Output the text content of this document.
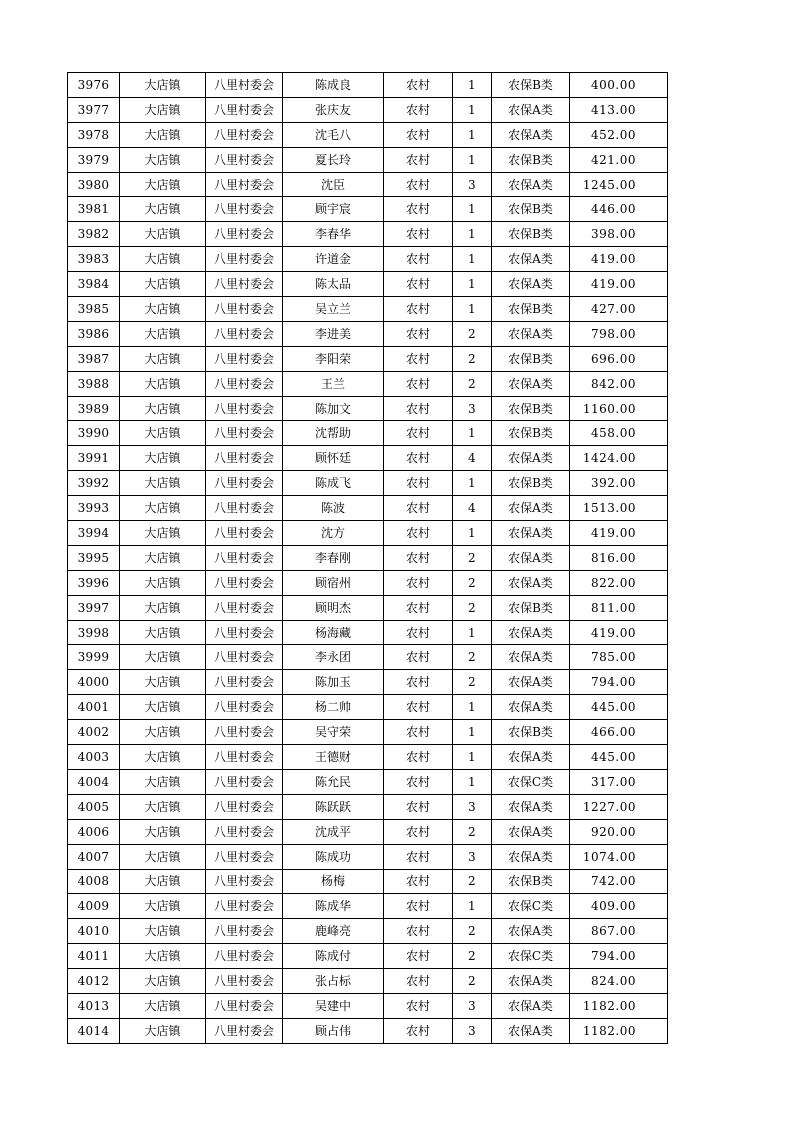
3976	大店镇	八里村委会	陈成良	农村	1	农保B类	400.00
3977	大店镇	八里村委会	张庆友	农村	1	农保A类	413.00
3978	大店镇	八里村委会	沈毛八	农村	1	农保A类	452.00
3979	大店镇	八里村委会	夏长玲	农村	1	农保B类	421.00
3980	大店镇	八里村委会	沈臣	农村	3	农保A类	1245.00
3981	大店镇	八里村委会	顾宇宸	农村	1	农保B类	446.00
3982	大店镇	八里村委会	李春华	农村	1	农保B类	398.00
3983	大店镇	八里村委会	许道金	农村	1	农保A类	419.00
3984	大店镇	八里村委会	陈太品	农村	1	农保A类	419.00
3985	大店镇	八里村委会	吴立兰	农村	1	农保B类	427.00
3986	大店镇	八里村委会	李进美	农村	2	农保A类	798.00
3987	大店镇	八里村委会	李阳荣	农村	2	农保B类	696.00
3988	大店镇	八里村委会	王兰	农村	2	农保A类	842.00
3989	大店镇	八里村委会	陈加文	农村	3	农保B类	1160.00
3990	大店镇	八里村委会	沈帮助	农村	1	农保B类	458.00
3991	大店镇	八里村委会	顾怀廷	农村	4	农保A类	1424.00
3992	大店镇	八里村委会	陈成飞	农村	1	农保B类	392.00
3993	大店镇	八里村委会	陈波	农村	4	农保A类	1513.00
3994	大店镇	八里村委会	沈方	农村	1	农保A类	419.00
3995	大店镇	八里村委会	李春刚	农村	2	农保A类	816.00
3996	大店镇	八里村委会	顾宿州	农村	2	农保A类	822.00
3997	大店镇	八里村委会	顾明杰	农村	2	农保B类	811.00
3998	大店镇	八里村委会	杨海藏	农村	1	农保A类	419.00
3999	大店镇	八里村委会	李永团	农村	2	农保A类	785.00
4000	大店镇	八里村委会	陈加玉	农村	2	农保A类	794.00
4001	大店镇	八里村委会	杨二帅	农村	1	农保A类	445.00
4002	大店镇	八里村委会	吴守荣	农村	1	农保B类	466.00
4003	大店镇	八里村委会	王德财	农村	1	农保A类	445.00
4004	大店镇	八里村委会	陈允民	农村	1	农保C类	317.00
4005	大店镇	八里村委会	陈跃跃	农村	3	农保A类	1227.00
4006	大店镇	八里村委会	沈成平	农村	2	农保A类	920.00
4007	大店镇	八里村委会	陈成功	农村	3	农保A类	1074.00
4008	大店镇	八里村委会	杨梅	农村	2	农保B类	742.00
4009	大店镇	八里村委会	陈成华	农村	1	农保C类	409.00
4010	大店镇	八里村委会	鹿峰亮	农村	2	农保A类	867.00
4011	大店镇	八里村委会	陈成付	农村	2	农保C类	794.00
4012	大店镇	八里村委会	张占标	农村	2	农保A类	824.00
4013	大店镇	八里村委会	吴建中	农村	3	农保A类	1182.00
4014	大店镇	八里村委会	顾占伟	农村	3	农保A类	1182.00
